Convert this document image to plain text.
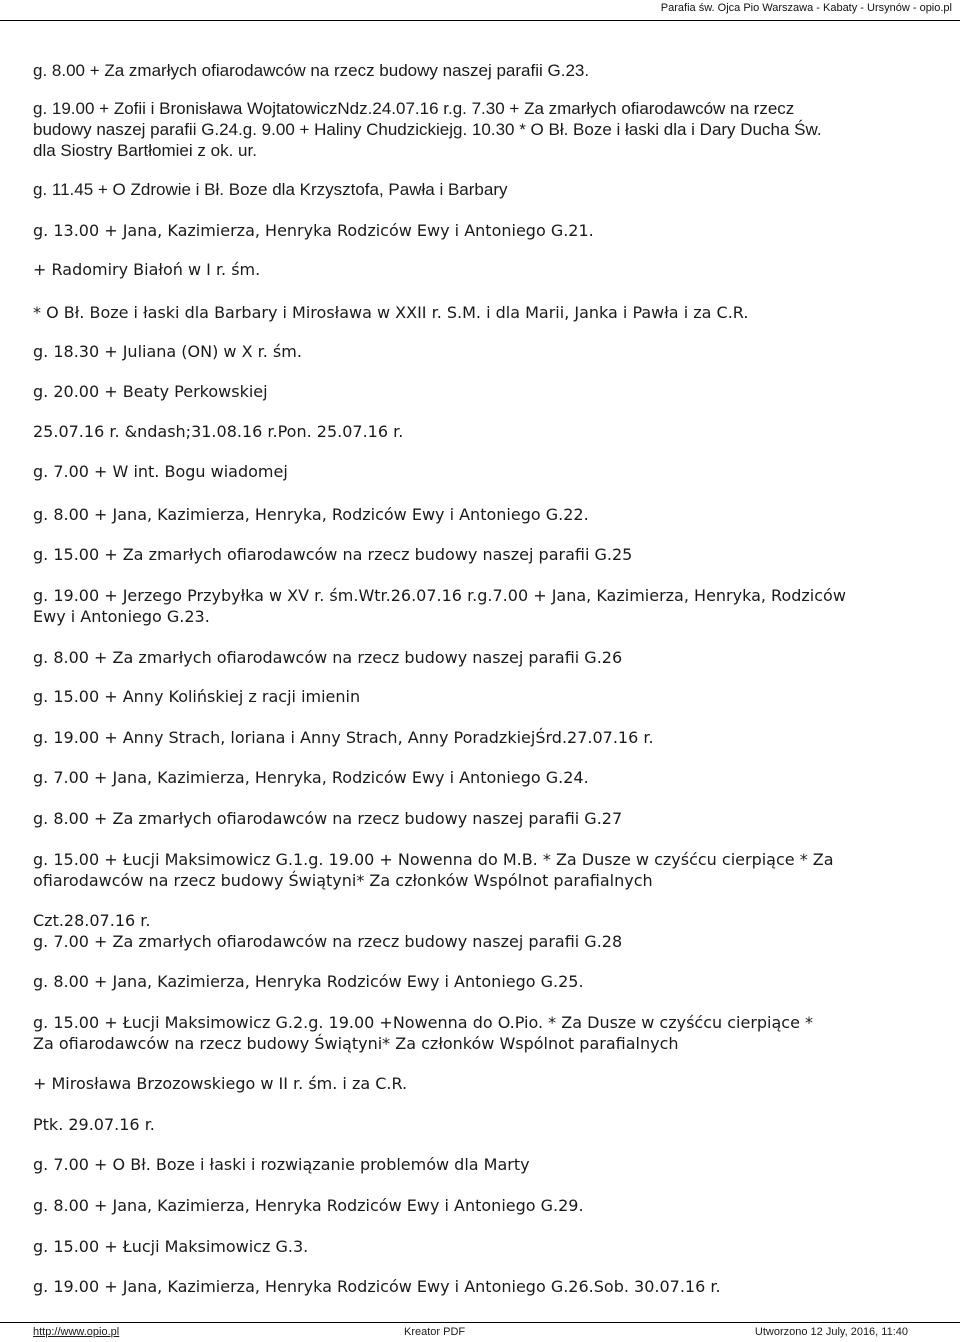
Parafia św. Ojca Pio Warszawa - Kabaty - Ursynów - opio.pl
g. 8.00 + Za zmarłych ofiarodawców na rzecz budowy naszej parafii G.23.
g. 19.00 + Zofii i Bronisława WojtatowiczNdz.24.07.16 r.g. 7.30 + Za zmarłych ofiarodawców na rzecz
budowy naszej parafii G.24.g. 9.00 + Haliny Chudzickiejg. 10.30 * O Bł. Boze i łaski dla i Dary Ducha Św.
dla Siostry Bartłomiei z ok. ur.
g. 11.45 + O Zdrowie i Bł. Boze dla Krzysztofa, Pawła i Barbary
g. 13.00 + Jana, Kazimierza, Henryka Rodziców Ewy i Antoniego G.21.
+ Radomiry Białoń w I r. śm.
* O Bł. Boze i łaski dla Barbary i Mirosława w XXII r. S.M. i dla Marii, Janka i Pawła i za C.R.
g. 18.30 + Juliana (ON) w X r. śm.
g. 20.00 + Beaty Perkowskiej
25.07.16 r. &ndash;31.08.16 r.Pon. 25.07.16 r.
g. 7.00 + W int. Bogu wiadomej
g. 8.00 + Jana, Kazimierza, Henryka, Rodziców Ewy i Antoniego G.22.
g. 15.00 + Za zmarłych ofiarodawców na rzecz budowy naszej parafii G.25
g. 19.00 + Jerzego Przybyłka w XV r. śm.Wtr.26.07.16 r.g.7.00 + Jana, Kazimierza, Henryka, Rodziców
Ewy i Antoniego G.23.
g. 8.00 + Za zmarłych ofiarodawców na rzecz budowy naszej parafii G.26
g. 15.00 + Anny Kolińskiej z racji imienin
g. 19.00 + Anny Strach, loriana i Anny Strach, Anny PoradzkiejŚrd.27.07.16 r.
g. 7.00 + Jana, Kazimierza, Henryka, Rodziców Ewy i Antoniego G.24.
g. 8.00 + Za zmarłych ofiarodawców na rzecz budowy naszej parafii G.27
g. 15.00 + Łucji Maksimowicz G.1.g. 19.00 + Nowenna do M.B. * Za Dusze w czyśćcu cierpiące * Za
ofiarodawców na rzecz budowy Świątyni* Za członków Wspólnot parafialnych
Czt.28.07.16 r.
g. 7.00 + Za zmarłych ofiarodawców na rzecz budowy naszej parafii G.28
g. 8.00 + Jana, Kazimierza, Henryka Rodziców Ewy i Antoniego G.25.
g. 15.00 + Łucji Maksimowicz G.2.g. 19.00 +Nowenna do O.Pio. * Za Dusze w czyśćcu cierpiące *
Za ofiarodawców na rzecz budowy Świątyni* Za członków Wspólnot parafialnych
+ Mirosława Brzozowskiego w II r. śm. i za C.R.
Ptk. 29.07.16 r.
g. 7.00 + O Bł. Boze i łaski i rozwiązanie problemów dla Marty
g. 8.00 + Jana, Kazimierza, Henryka Rodziców Ewy i Antoniego G.29.
g. 15.00 + Łucji Maksimowicz G.3.
g. 19.00 + Jana, Kazimierza, Henryka Rodziców Ewy i Antoniego G.26.Sob. 30.07.16 r.
http://www.opio.pl	Kreator PDF	Utworzono 12 July, 2016, 11:40
